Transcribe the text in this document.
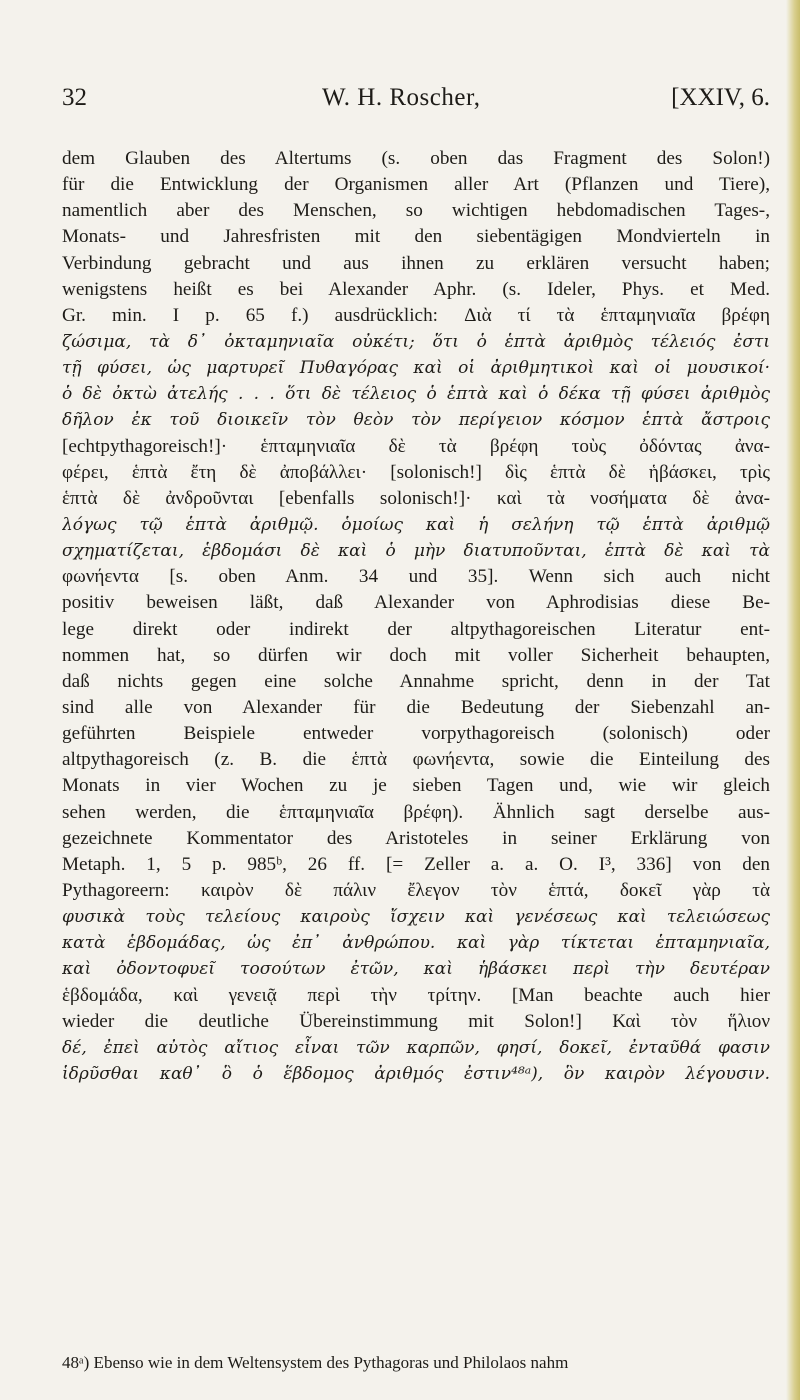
32	W. H. Roscher,	[XXIV, 6.
dem Glauben des Altertums (s. oben das Fragment des Solon!)
für die Entwicklung der Organismen aller Art (Pflanzen und Tiere),
namentlich aber des Menschen, so wichtigen hebdomadischen Tages-,
Monats- und Jahresfristen mit den siebentägigen Mondvierteln in
Verbindung gebracht und aus ihnen zu erklären versucht haben;
wenigstens heißt es bei Alexander Aphr. (s. Ideler, Phys. et Med.
Gr. min. I p. 65 f.) ausdrücklich: Διὰ τί τὰ ἑπταμηνιαῖα βρέφη
ζώσιμα, τὰ δ᾽ ὀκταμηνιαῖα οὐκέτι; ὅτι ὁ ἑπτὰ ἀριθμὸς τέλειός ἐστι
τῇ φύσει, ὡς μαρτυρεῖ Πυθαγόρας καὶ οἱ ἀριθμητικοὶ καὶ οἱ μουσικοί·
ὁ δὲ ὀκτὼ ἀτελής . . . ὅτι δὲ τέλειος ὁ ἑπτὰ καὶ ὁ δέκα τῇ φύσει ἀριθμὸς
δῆλον ἐκ τοῦ διοικεῖν τὸν θεὸν τὸν περίγειον κόσμον ἑπτὰ ἄστροις
[echtpythagoreisch!]· ἑπταμηνιαῖα δὲ τὰ βρέφη τοὺς ὀδόντας ἀνα-
φέρει, ἑπτὰ ἔτη δὲ ἀποβάλλει· [solonisch!] δὶς ἑπτὰ δὲ ἡβάσκει, τρὶς
ἑπτὰ δὲ ἀνδροῦνται [ebenfalls solonisch!]· καὶ τὰ νοσήματα δὲ ἀνα-
λόγως τῷ ἑπτὰ ἀριθμῷ. ὁμοίως καὶ ἡ σελήνη τῷ ἑπτὰ ἀριθμῷ
σχηματίζεται, ἑβδομάσι δὲ καὶ ὁ μὴν διατυποῦνται, ἑπτὰ δὲ καὶ τὰ
φωνήεντα [s. oben Anm. 34 und 35]. Wenn sich auch nicht
positiv beweisen läßt, daß Alexander von Aphrodisias diese Be-
lege direkt oder indirekt der altpythagoreischen Literatur ent-
nommen hat, so dürfen wir doch mit voller Sicherheit behaupten,
daß nichts gegen eine solche Annahme spricht, denn in der Tat
sind alle von Alexander für die Bedeutung der Siebenzahl an-
geführten Beispiele entweder vorpythagoreisch (solonisch) oder
altpythagoreisch (z. B. die ἑπτὰ φωνήεντα, sowie die Einteilung des
Monats in vier Wochen zu je sieben Tagen und, wie wir gleich
sehen werden, die ἑπταμηνιαῖα βρέφη). Ähnlich sagt derselbe aus-
gezeichnete Kommentator des Aristoteles in seiner Erklärung von
Metaph. 1, 5 p. 985ᵇ, 26 ff. [= Zeller a. a. O. I³, 336] von den
Pythagoreern: καιρὸν δὲ πάλιν ἔλεγον τὸν ἑπτά, δοκεῖ γὰρ τὰ
φυσικὰ τοὺς τελείους καιροὺς ἴσχειν καὶ γενέσεως καὶ τελειώσεως
κατὰ ἑβδομάδας, ὡς ἐπ᾽ ἀνθρώπου. καὶ γὰρ τίκτεται ἑπταμηνιαῖα,
καὶ ὀδοντοφυεῖ τοσούτων ἐτῶν, καὶ ἡβάσκει περὶ τὴν δευτέραν
ἑβδομάδα, καὶ γενειᾷ περὶ τὴν τρίτην. [Man beachte auch hier
wieder die deutliche Übereinstimmung mit Solon!] Καὶ τὸν ἥλιον
δέ, ἐπεὶ αὐτὸς αἴτιος εἶναι τῶν καρπῶν, φησί, δοκεῖ, ἐνταῦθά φασιν
ἱδρῦσθαι καθ᾽ ὃ ὁ ἕβδομος ἀριθμός ἐστιν⁴⁸ᵃ), ὃν καιρὸν λέγουσιν.
48ᵃ) Ebenso wie in dem Weltensystem des Pythagoras und Philolaos nahm
